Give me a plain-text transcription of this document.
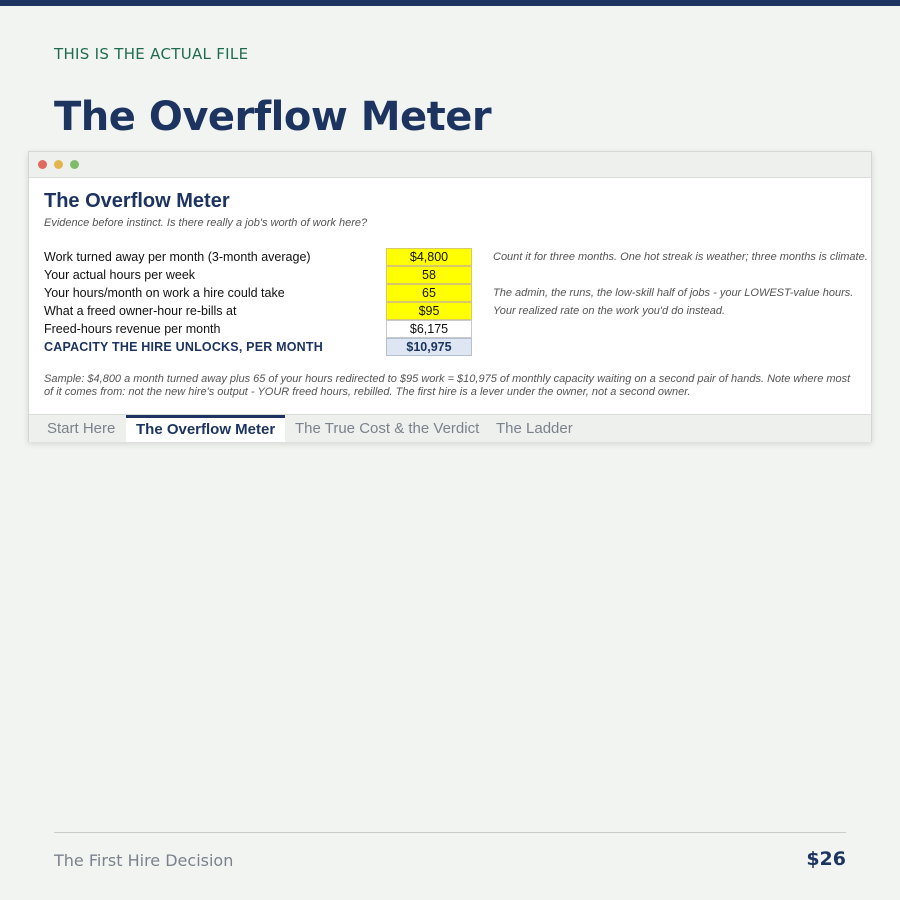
THIS IS THE ACTUAL FILE
The Overflow Meter
The Overflow Meter
Evidence before instinct. Is there really a job's worth of work here?
Work turned away per month (3-month average)	$4,800	Count it for three months. One hot streak is weather; three months is climate.
Your actual hours per week	58
Your hours/month on work a hire could take	65	The admin, the runs, the low-skill half of jobs - your LOWEST-value hours.
What a freed owner-hour re-bills at	$95	Your realized rate on the work you'd do instead.
Freed-hours revenue per month	$6,175
CAPACITY THE HIRE UNLOCKS, PER MONTH	$10,975
Sample: $4,800 a month turned away plus 65 of your hours redirected to $95 work = $10,975 of monthly capacity waiting on a second pair of hands. Note where most of it comes from: not the new hire's output - YOUR freed hours, rebilled. The first hire is a lever under the owner, not a second owner.
Start Here	The Overflow Meter	The True Cost & the Verdict	The Ladder
The First Hire Decision	$26
